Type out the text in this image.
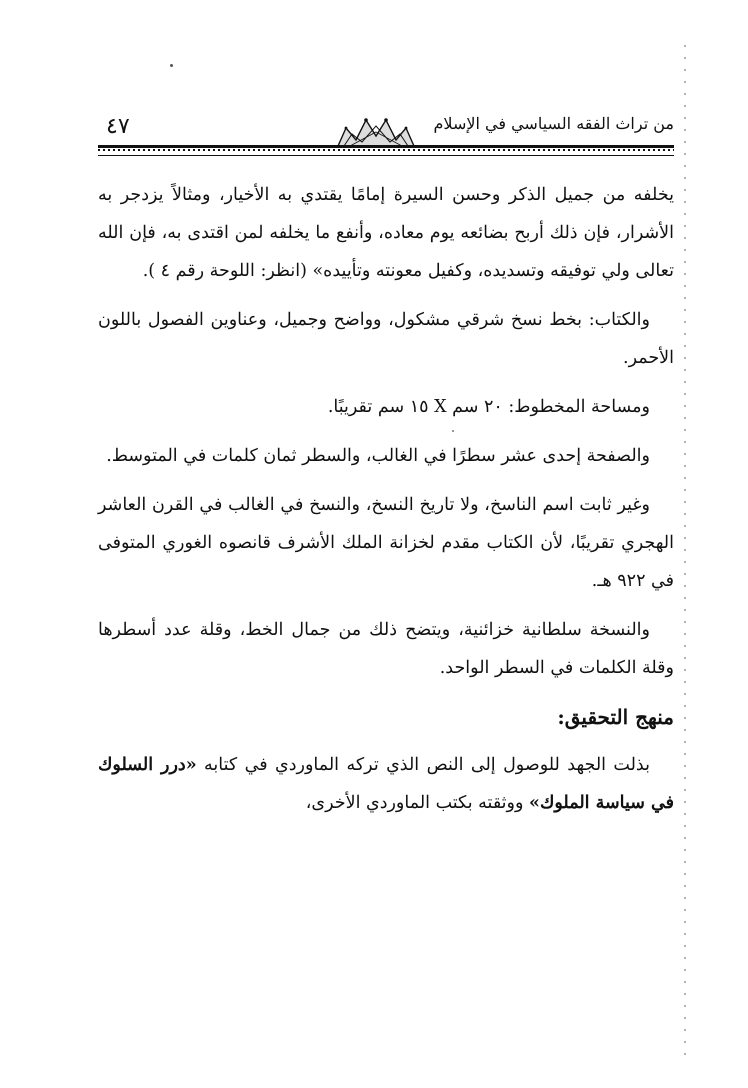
٤٧	من تراث الفقه السياسي في الإسلام

يخلفه من جميل الذكر وحسن السيرة إمامًا يقتدي به الأخيار، ومثالاً يزدجر به الأشرار، فإن ذلك أربح بضائعه يوم معاده، وأنفع ما يخلفه لمن اقتدى به، فإن الله تعالى ولي توفيقه وتسديده، وكفيل معونته وتأييده» (انظر: اللوحة رقم ٤ ).

والكتاب: بخط نسخ شرقي مشكول، وواضح وجميل، وعناوين الفصول باللون الأحمر.

ومساحة المخطوط: ٢٠ سم X ١٥ سم تقريبًا.

والصفحة إحدى عشر سطرًا في الغالب، والسطر ثمان كلمات في المتوسط.

وغير ثابت اسم الناسخ، ولا تاريخ النسخ، والنسخ في الغالب في القرن العاشر الهجري تقريبًا، لأن الكتاب مقدم لخزانة الملك الأشرف قانصوه الغوري المتوفى في ٩٢٢ هـ.

والنسخة سلطانية خزائنية، ويتضح ذلك من جمال الخط، وقلة عدد أسطرها وقلة الكلمات في السطر الواحد.

منهج التحقيق:

بذلت الجهد للوصول إلى النص الذي تركه الماوردي في كتابه «درر السلوك في سياسة الملوك» ووثقته بكتب الماوردي الأخرى،
